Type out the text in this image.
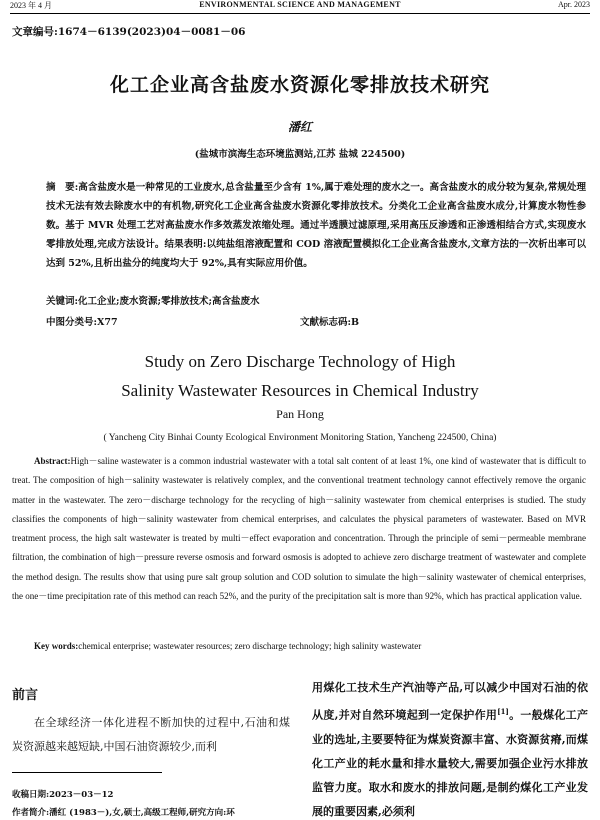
2023 年 4 月	ENVIRONMENTAL SCIENCE AND MANAGEMENT	Apr. 2023
文章编号:1674－6139(2023)04－0081－06
化工企业高含盐废水资源化零排放技术研究
潘红
(盐城市滨海生态环境监测站,江苏 盐城 224500)
摘　要:高含盐废水是一种常见的工业废水,总含盐量至少含有 1%,属于难处理的废水之一。高含盐废水的成分较为复杂,常规处理技术无法有效去除废水中的有机物,研究化工企业高含盐废水资源化零排放技术。分类化工企业高含盐废水成分,计算废水物性参数。基于 MVR 处理工艺对高盐废水作多效蒸发浓缩处理。通过半透膜过滤原理,采用高压反渗透和正渗透相结合方式,实现废水零排放处理,完成方法设计。结果表明:以纯盐组溶液配置和 COD 溶液配置模拟化工企业高含盐废水,文章方法的一次析出率可以达到 52%,且析出盐分的纯度均大于 92%,具有实际应用价值。
关键词:化工企业;废水资源;零排放技术;高含盐废水
中图分类号:X77	文献标志码:B
Study on Zero Discharge Technology of High
Salinity Wastewater Resources in Chemical Industry
Pan Hong
( Yancheng City Binhai County Ecological Environment Monitoring Station, Yancheng 224500, China)
Abstract:High－saline wastewater is a common industrial wastewater with a total salt content of at least 1%, one kind of wastewater that is difficult to treat. The composition of high－salinity wastewater is relatively complex, and the conventional treatment technology cannot effectively remove the organic matter in the wastewater. The zero－discharge technology for the recycling of high－salinity wastewater from chemical enterprises is studied. The study classifies the components of high－salinity wastewater from chemical enterprises, and calculates the physical parameters of wastewater. Based on MVR treatment process, the high salt wastewater is treated by multi－effect evaporation and concentration. Through the principle of semi－permeable membrane filtration, the combination of high－pressure reverse osmosis and forward osmosis is adopted to achieve zero discharge treatment of wastewater and complete the method design. The results show that using pure salt group solution and COD solution to simulate the high－salinity wastewater of chemical enterprises, the one－time precipitation rate of this method can reach 52%, and the purity of the precipitation salt is more than 92%, which has practical application value.
Key words:chemical enterprise; wastewater resources; zero discharge technology; high salinity wastewater
前言
在全球经济一体化进程不断加快的过程中,石油和煤炭资源越来越短缺,中国石油资源较少,而利
收稿日期:2023－03－12
作者简介:潘红 (1983－),女,硕士,高级工程师,研究方向:环
用煤化工技术生产汽油等产品,可以减少中国对石油的依从度,并对自然环境起到一定保护作用[1]。一般煤化工产业的选址,主要要特征为煤炭资源丰富、水资源贫瘠,而煤化工产业的耗水量和排水量较大,需要加强企业污水排放监管力度。取水和废水的排放问题,是制约煤化工产业发展的重要因素,必须利
